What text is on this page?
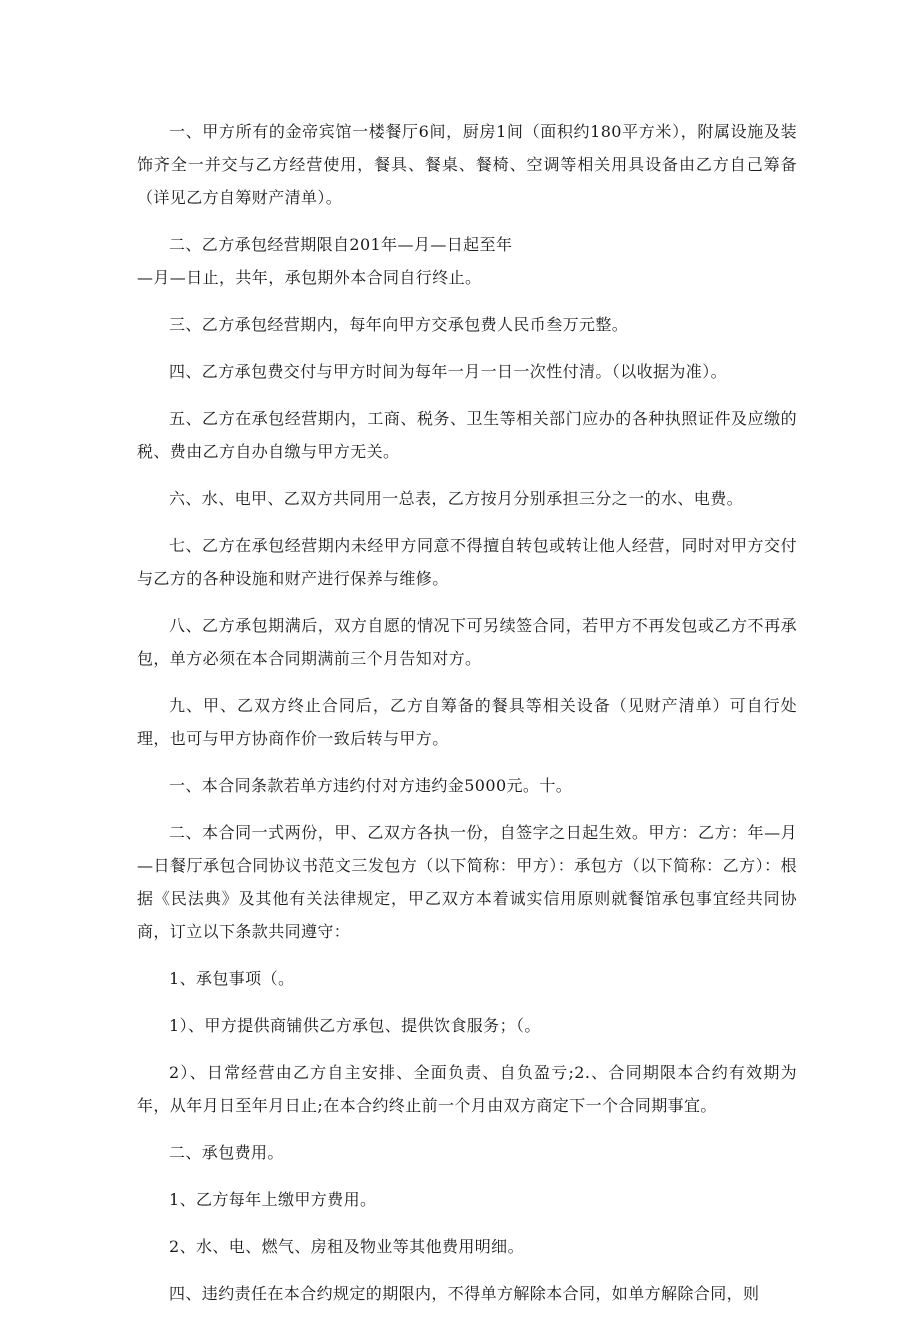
一、甲方所有的金帝宾馆一楼餐厅6间，厨房1间（面积约180平方米），附属设施及装饰齐全一并交与乙方经营使用，餐具、餐桌、餐椅、空调等相关用具设备由乙方自己筹备（详见乙方自筹财产清单）。

二、乙方承包经营期限自201年—月—日起至年
—月—日止，共年，承包期外本合同自行终止。

三、乙方承包经营期内，每年向甲方交承包费人民币叁万元整。

四、乙方承包费交付与甲方时间为每年一月一日一次性付清。（以收据为准）。

五、乙方在承包经营期内，工商、税务、卫生等相关部门应办的各种执照证件及应缴的税、费由乙方自办自缴与甲方无关。

六、水、电甲、乙双方共同用一总表，乙方按月分别承担三分之一的水、电费。

七、乙方在承包经营期内未经甲方同意不得擅自转包或转让他人经营，同时对甲方交付与乙方的各种设施和财产进行保养与维修。

八、乙方承包期满后，双方自愿的情况下可另续签合同，若甲方不再发包或乙方不再承包，单方必须在本合同期满前三个月告知对方。

九、甲、乙双方终止合同后，乙方自筹备的餐具等相关设备（见财产清单）可自行处理，也可与甲方协商作价一致后转与甲方。

一、本合同条款若单方违约付对方违约金5000元。十。

二、本合同一式两份，甲、乙双方各执一份，自签字之日起生效。甲方：乙方：年—月—日餐厅承包合同协议书范文三发包方（以下简称：甲方）：承包方（以下简称：乙方）：根据《民法典》及其他有关法律规定，甲乙双方本着诚实信用原则就餐馆承包事宜经共同协商，订立以下条款共同遵守：

1、承包事项（。

1）、甲方提供商铺供乙方承包、提供饮食服务；（。

2）、日常经营由乙方自主安排、全面负责、自负盈亏;2.、合同期限本合约有效期为年，从年月日至年月日止;在本合约终止前一个月由双方商定下一个合同期事宜。

二、承包费用。

1、乙方每年上缴甲方费用。

2、水、电、燃气、房租及物业等其他费用明细。

四、违约责任在本合约规定的期限内，不得单方解除本合同，如单方解除合同，则
